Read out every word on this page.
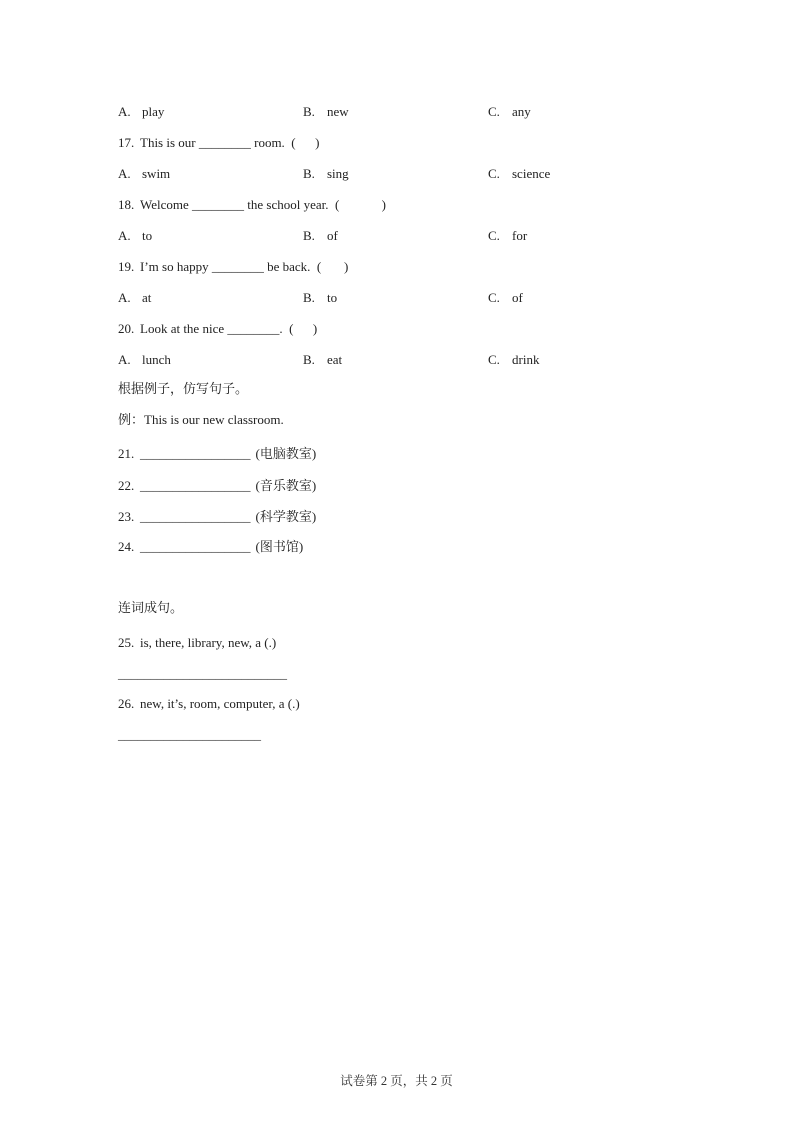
A. play	B. new	C. any
17. This is our ________ room.  (      )
A. swim	B. sing	C. science
18. Welcome ________ the school year.  (             )
A. to	B. of	C. for
19. I’m so happy ________ be back.  (       )
A. at	B. to	C. of
20. Look at the nice ________.  (      )
A. lunch	B. eat	C. drink
根据例子，仿写句子。
例：This is our new classroom.
21. _________________ (电脑教室)
22. _________________ (音乐教室)
23. _________________ (科学教室)
24. _________________ (图书馆)
连词成句。
25. is, there, library, new, a (.)
__________________________
26. new, it’s, room, computer, a (.)
______________________
试卷第 2 页，共 2 页
